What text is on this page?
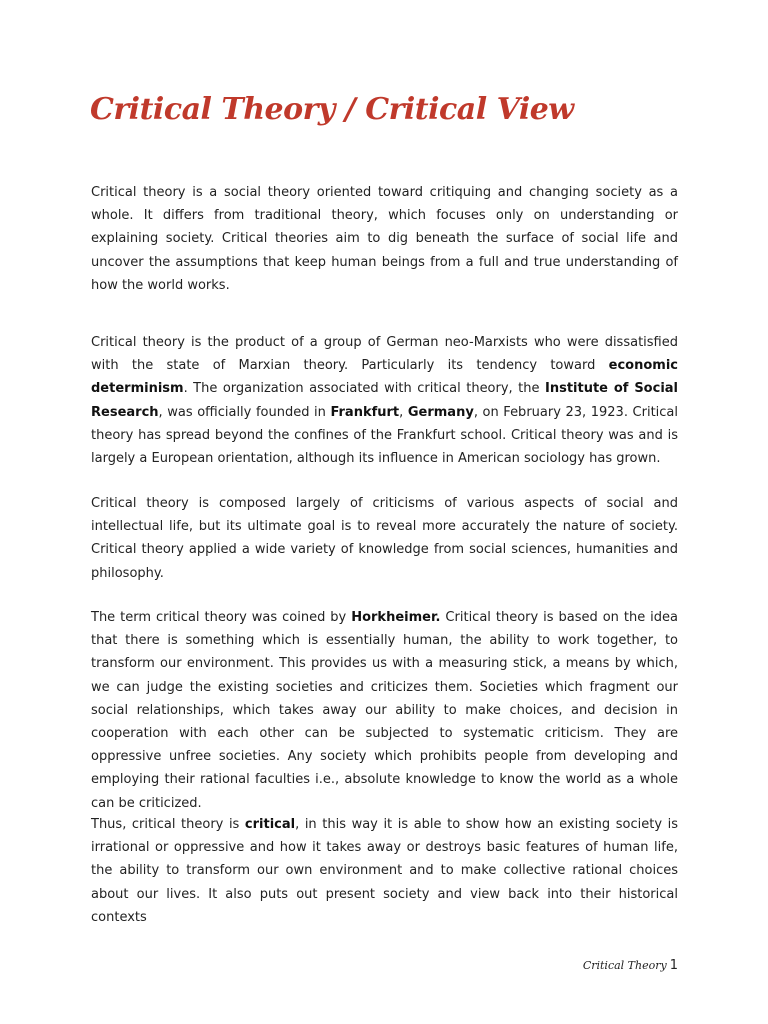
Critical Theory / Critical View

Critical theory is a social theory oriented toward critiquing and changing society as a whole. It differs from traditional theory, which focuses only on understanding or explaining society. Critical theories aim to dig beneath the surface of social life and uncover the assumptions that keep human beings from a full and true understanding of how the world works.

Critical theory is the product of a group of German neo-Marxists who were dissatisfied with the state of Marxian theory. Particularly its tendency toward economic determinism. The organization associated with critical theory, the Institute of Social Research, was officially founded in Frankfurt, Germany, on February 23, 1923. Critical theory has spread beyond the confines of the Frankfurt school. Critical theory was and is largely a European orientation, although its influence in American sociology has grown.

Critical theory is composed largely of criticisms of various aspects of social and intellectual life, but its ultimate goal is to reveal more accurately the nature of society. Critical theory applied a wide variety of knowledge from social sciences, humanities and philosophy.

The term critical theory was coined by Horkheimer. Critical theory is based on the idea that there is something which is essentially human, the ability to work together, to transform our environment. This provides us with a measuring stick, a means by which, we can judge the existing societies and criticizes them. Societies which fragment our social relationships, which takes away our ability to make choices, and decision in cooperation with each other can be subjected to systematic criticism. They are oppressive unfree societies. Any society which prohibits people from developing and employing their rational faculties i.e., absolute knowledge to know the world as a whole can be criticized.

Thus, critical theory is critical, in this way it is able to show how an existing society is irrational or oppressive and how it takes away or destroys basic features of human life, the ability to transform our own environment and to make collective rational choices about our lives. It also puts out present society and view back into their historical contexts

Critical Theory 1
